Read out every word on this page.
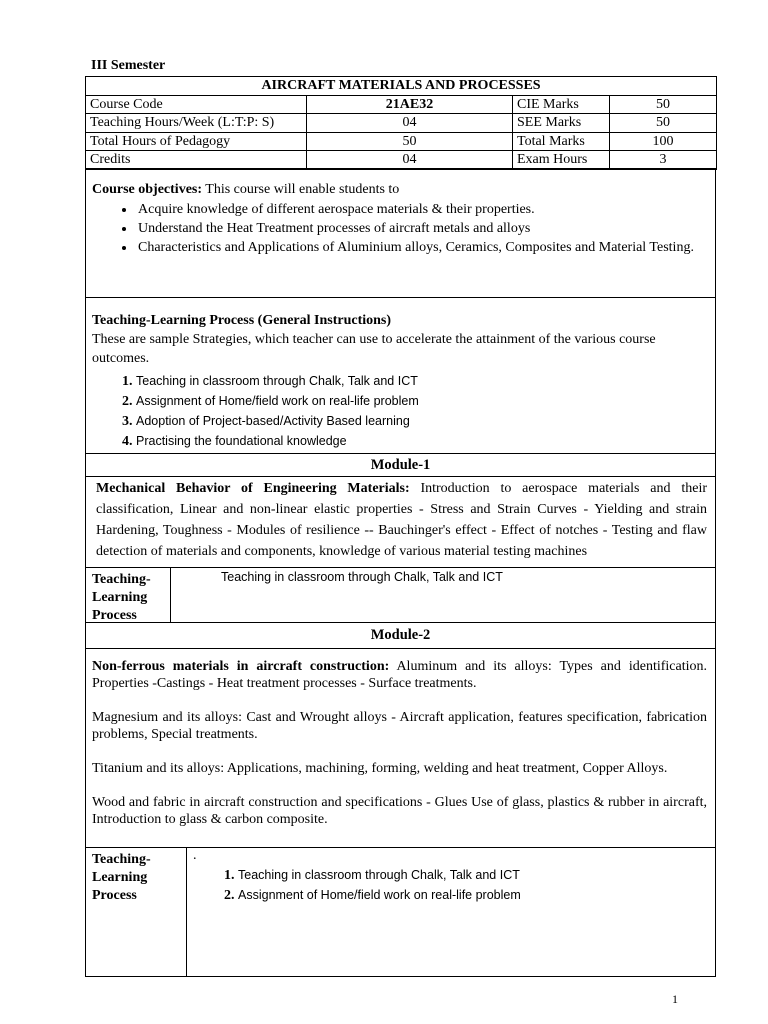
III Semester
AIRCRAFT MATERIALS AND PROCESSES			
Course Code	21AE32	CIE Marks	50
Teaching Hours/Week (L:T:P: S)	04	SEE Marks	50
Total Hours of Pedagogy	50	Total Marks	100
Credits	04	Exam Hours	3
Course objectives: This course will enable students to
• Acquire knowledge of different aerospace materials & their properties.
• Understand the Heat Treatment processes of aircraft metals and alloys
• Characteristics and Applications of Aluminium alloys, Ceramics, Composites and Material Testing.
Teaching-Learning Process (General Instructions)
These are sample Strategies, which teacher can use to accelerate the attainment of the various course outcomes.
1. Teaching in classroom through Chalk, Talk and ICT
2. Assignment of Home/field work on real-life problem
3. Adoption of Project-based/Activity Based learning
4. Practising the foundational knowledge
Module-1

Mechanical Behavior of Engineering Materials: Introduction to aerospace materials and their classification, Linear and non-linear elastic properties - Stress and Strain Curves - Yielding and strain Hardening, Toughness - Modules of resilience -- Bauchinger's effect - Effect of notches - Testing and flaw detection of materials and components, knowledge of various material testing machines

Teaching-Learning Process
Teaching in classroom through Chalk, Talk and ICT
Module-2

Non-ferrous materials in aircraft construction: Aluminum and its alloys: Types and identification. Properties -Castings - Heat treatment processes - Surface treatments.

Magnesium and its alloys: Cast and Wrought alloys - Aircraft application, features specification, fabrication problems, Special treatments.

Titanium and its alloys: Applications, machining, forming, welding and heat treatment, Copper Alloys.

Wood and fabric in aircraft construction and specifications - Glues Use of glass, plastics & rubber in aircraft, Introduction to glass & carbon composite.

Teaching-Learning Process
.
1. Teaching in classroom through Chalk, Talk and ICT
2. Assignment of Home/field work on real-life problem
1
